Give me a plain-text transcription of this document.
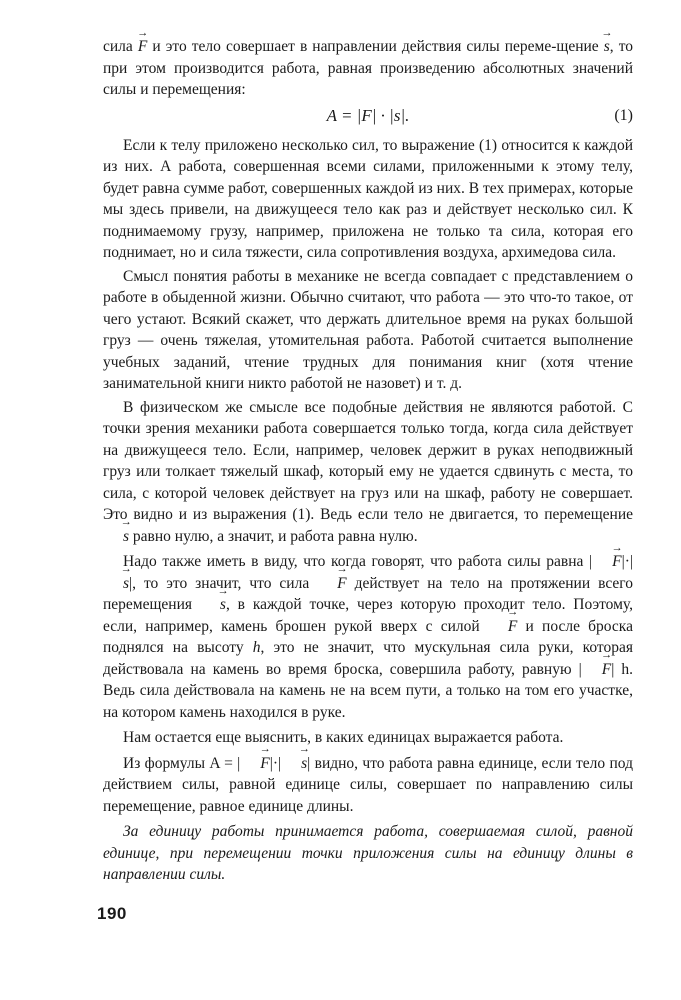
сила → F и это тело совершает в направлении действия силы переме-щение → s, то при этом производится работа, равная произведению абсолютных значений силы и перемещения:

A = |F| · |s|.	(1)

Если к телу приложено несколько сил, то выражение (1) относится к каждой из них. А работа, совершенная всеми силами, приложенными к этому телу, будет равна сумме работ, совершенных каждой из них. В тех примерах, которые мы здесь привели, на движущееся тело как раз и действует несколько сил. К поднимаемому грузу, например, приложена не только та сила, которая его поднимает, но и сила тяжести, сила сопротивления воздуха, архимедова сила.

Смысл понятия работы в механике не всегда совпадает с представлением о работе в обыденной жизни. Обычно считают, что работа — это что-то такое, от чего устают. Всякий скажет, что держать длительное время на руках большой груз — очень тяжелая, утомительная работа. Работой считается выполнение учебных заданий, чтение трудных для понимания книг (хотя чтение занимательной книги никто работой не назовет) и т. д.

В физическом же смысле все подобные действия не являются работой. С точки зрения механики работа совершается только тогда, когда сила действует на движущееся тело. Если, например, человек держит в руках неподвижный груз или толкает тяжелый шкаф, который ему не удается сдвинуть с места, то сила, с которой человек действует на груз или на шкаф, работу не совершает. Это видно и из выражения (1). Ведь если тело не двигается, то перемещение → s равно нулю, а значит, и работа равна нулю.

Надо также иметь в виду, что когда говорят, что работа силы равна | → F|·|→ s|, то это значит, что сила → F действует на тело на протяжении всего перемещения → s, в каждой точке, через которую проходит тело. Поэтому, если, например, камень брошен рукой вверх с силой → F и после броска поднялся на высоту h, это не значит, что мускульная сила руки, которая действовала на камень во время броска, совершила работу, равную | → F| h. Ведь сила действовала на камень не на всем пути, а только на том его участке, на котором камень находился в руке.

Нам остается еще выяснить, в каких единицах выражается работа.

Из формулы A = | → F|·| → s| видно, что работа равна единице, если тело под действием силы, равной единице силы, совершает по направлению силы перемещение, равное единице длины.

За единицу работы принимается работа, совершаемая силой, равной единице, при перемещении точки приложения силы на единицу длины в направлении силы.

190
